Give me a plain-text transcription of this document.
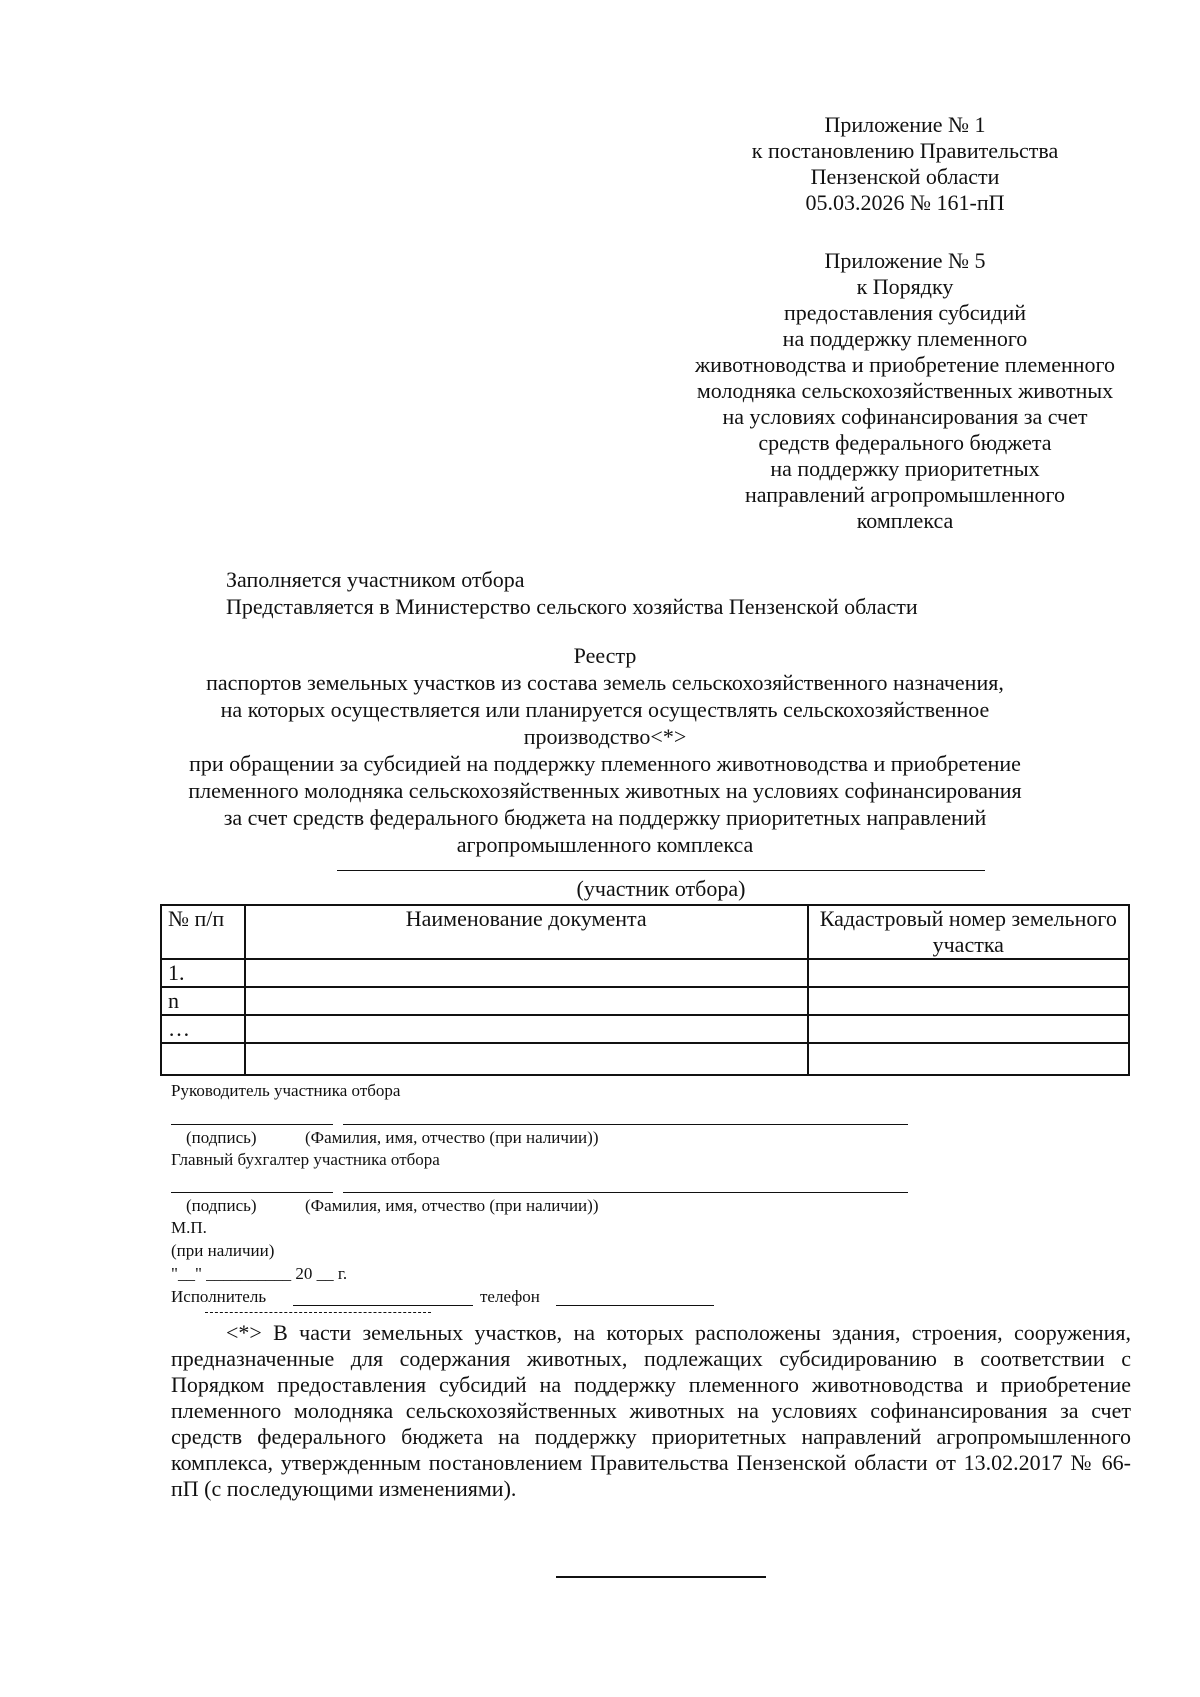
Приложение № 1
к постановлению Правительства
Пензенской области
05.03.2026 № 161-пП
Приложение № 5
к Порядку
предоставления субсидий
на поддержку племенного
животноводства и приобретение племенного
молодняка сельскохозяйственных животных
на условиях софинансирования за счет
средств федерального бюджета
на поддержку приоритетных
направлений агропромышленного
комплекса
Заполняется участником отбора
Представляется в Министерство сельского хозяйства Пензенской области
Реестр
паспортов земельных участков из состава земель сельскохозяйственного назначения,
на которых осуществляется или планируется осуществлять сельскохозяйственное
производство<*>
при обращении за субсидией на поддержку племенного животноводства и приобретение
племенного молодняка сельскохозяйственных животных на условиях софинансирования
за счет средств федерального бюджета на поддержку приоритетных направлений
агропромышленного комплекса
(участник отбора)
№ п/п	Наименование документа	Кадастровый номер земельного участка
1.		
n		
…		

Руководитель участника отбора
(подпись)	(Фамилия, имя, отчество (при наличии))
Главный бухгалтер участника отбора
(подпись)	(Фамилия, имя, отчество (при наличии))
М.П.
(при наличии)
"__" __________ 20 __ г.
Исполнитель	телефон
<*> В части земельных участков, на которых расположены здания, строения, сооружения, предназначенные для содержания животных, подлежащих субсидированию в соответствии с Порядком предоставления субсидий на поддержку племенного животноводства и приобретение племенного молодняка сельскохозяйственных животных на условиях софинансирования за счет средств федерального бюджета на поддержку приоритетных направлений агропромышленного комплекса, утвержденным постановлением Правительства Пензенской области от 13.02.2017 № 66-пП (с последующими изменениями).
